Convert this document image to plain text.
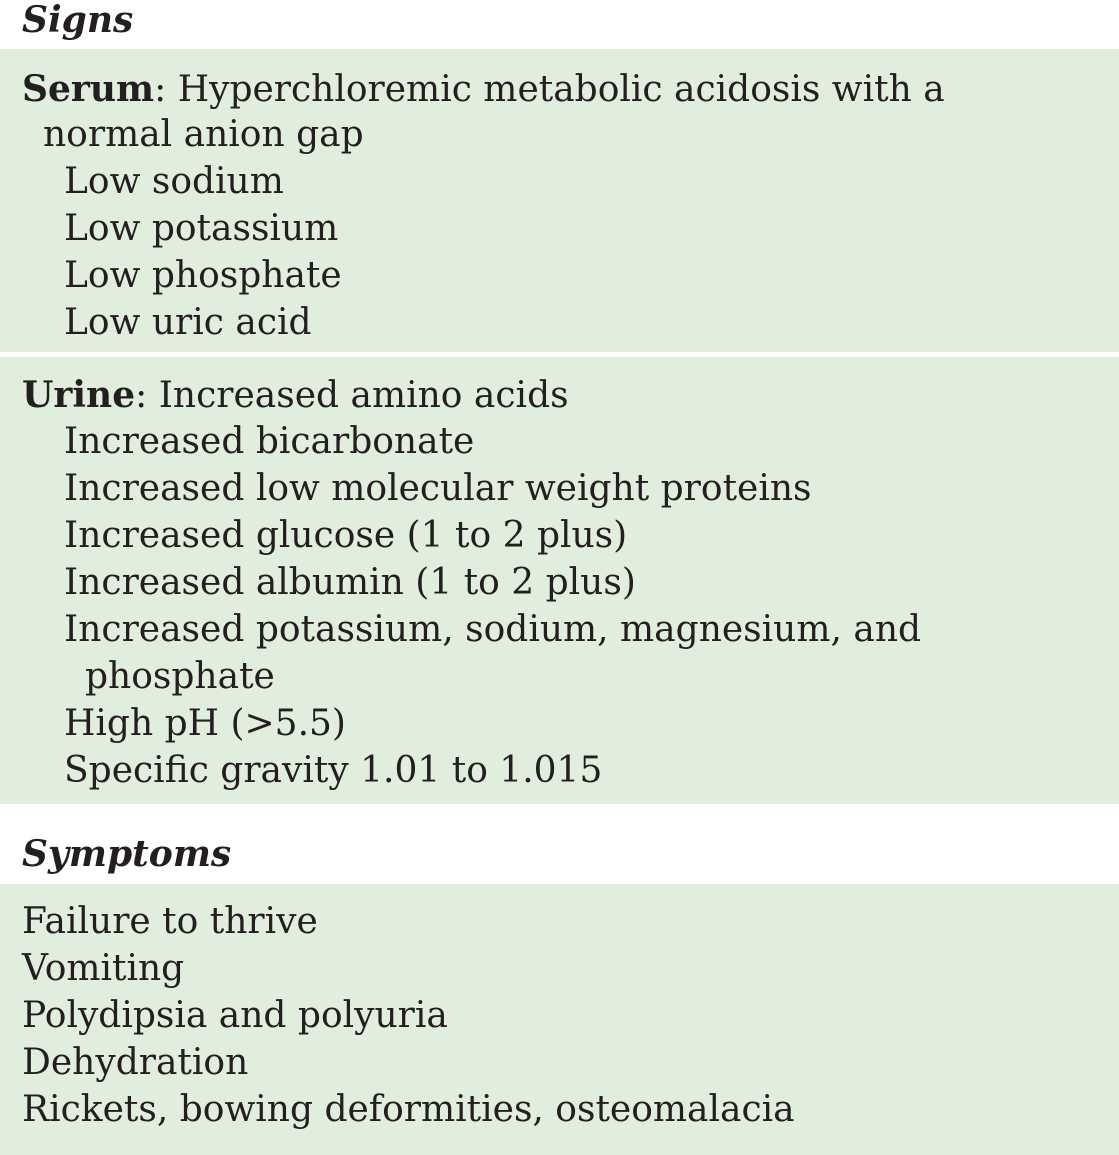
Signs

Serum: Hyperchloremic metabolic acidosis with a

normal anion gap

Low sodium

Low potassium

Low phosphate

Low uric acid

Urine: Increased amino acids

Increased bicarbonate

Increased low molecular weight proteins

Increased glucose (1 to 2 plus)

Increased albumin (1 to 2 plus)

Increased potassium, sodium, magnesium, and

phosphate

High pH (>5.5)

Specific gravity 1.01 to 1.015

Symptoms

Failure to thrive

Vomiting

Polydipsia and polyuria

Dehydration

Rickets, bowing deformities, osteomalacia
